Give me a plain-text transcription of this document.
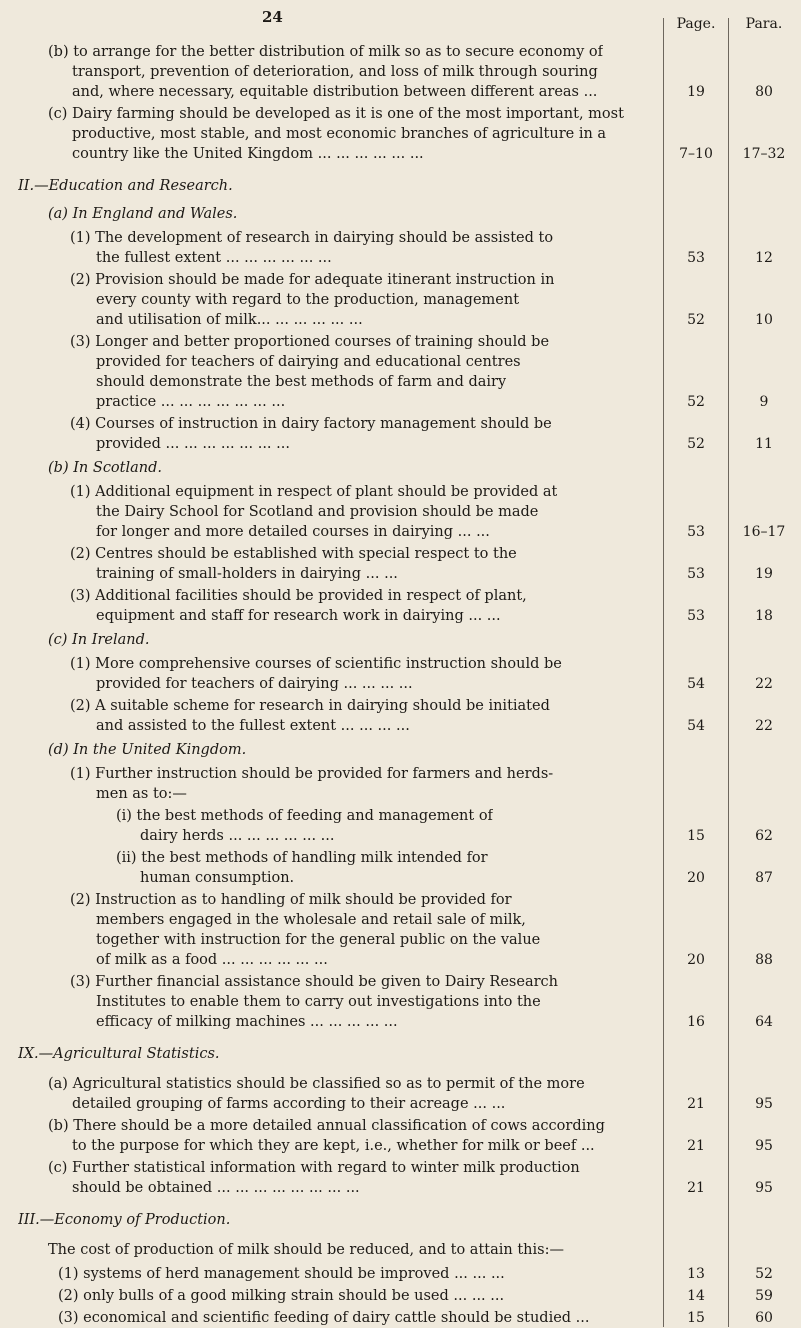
24	Page.	Para.
(b) to arrange for the better distribution of milk so as to secure economy of
transport, prevention of deterioration, and loss of milk through souring
and, where necessary, equitable distribution between different areas ...	19	80
(c) Dairy farming should be developed as it is one of the most important, most
productive, most stable, and most economic branches of agriculture in a
country like the United Kingdom ... ... ... ... ... ...	7–10	17–32
II.—Education and Research.
(a) In England and Wales.
(1) The development of research in dairying should be assisted to
the fullest extent ... ... ... ... ... ...	53	12
(2) Provision should be made for adequate itinerant instruction in
every county with regard to the production, management
and utilisation of milk... ... ... ... ... ...	52	10
(3) Longer and better proportioned courses of training should be
provided for teachers of dairying and educational centres
should demonstrate the best methods of farm and dairy
practice ... ... ... ... ... ... ...	52	9
(4) Courses of instruction in dairy factory management should be
provided ... ... ... ... ... ... ...	52	11
(b) In Scotland.
(1) Additional equipment in respect of plant should be provided at
the Dairy School for Scotland and provision should be made
for longer and more detailed courses in dairying ... ...	53	16–17
(2) Centres should be established with special respect to the
training of small-holders in dairying ... ...	53	19
(3) Additional facilities should be provided in respect of plant,
equipment and staff for research work in dairying ... ...	53	18
(c) In Ireland.
(1) More comprehensive courses of scientific instruction should be
provided for teachers of dairying ... ... ... ...	54	22
(2) A suitable scheme for research in dairying should be initiated
and assisted to the fullest extent ... ... ... ...	54	22
(d) In the United Kingdom.
(1) Further instruction should be provided for farmers and herds-
men as to:—
(i) the best methods of feeding and management of
dairy herds ... ... ... ... ... ...	15	62
(ii) the best methods of handling milk intended for
human consumption.	20	87
(2) Instruction as to handling of milk should be provided for
members engaged in the wholesale and retail sale of milk,
together with instruction for the general public on the value
of milk as a food ... ... ... ... ... ...	20	88
(3) Further financial assistance should be given to Dairy Research
Institutes to enable them to carry out investigations into the
efficacy of milking machines ... ... ... ... ...	16	64
IX.—Agricultural Statistics.
(a) Agricultural statistics should be classified so as to permit of the more
detailed grouping of farms according to their acreage ... ...	21	95
(b) There should be a more detailed annual classification of cows according
to the purpose for which they are kept, i.e., whether for milk or beef ...	21	95
(c) Further statistical information with regard to winter milk production
should be obtained ... ... ... ... ... ... ... ...	21	95
III.—Economy of Production.
The cost of production of milk should be reduced, and to attain this:—
(1) systems of herd management should be improved ... ... ...	13	52
(2) only bulls of a good milking strain should be used ... ... ...	14	59
(3) economical and scientific feeding of dairy cattle should be studied ...	15	60
